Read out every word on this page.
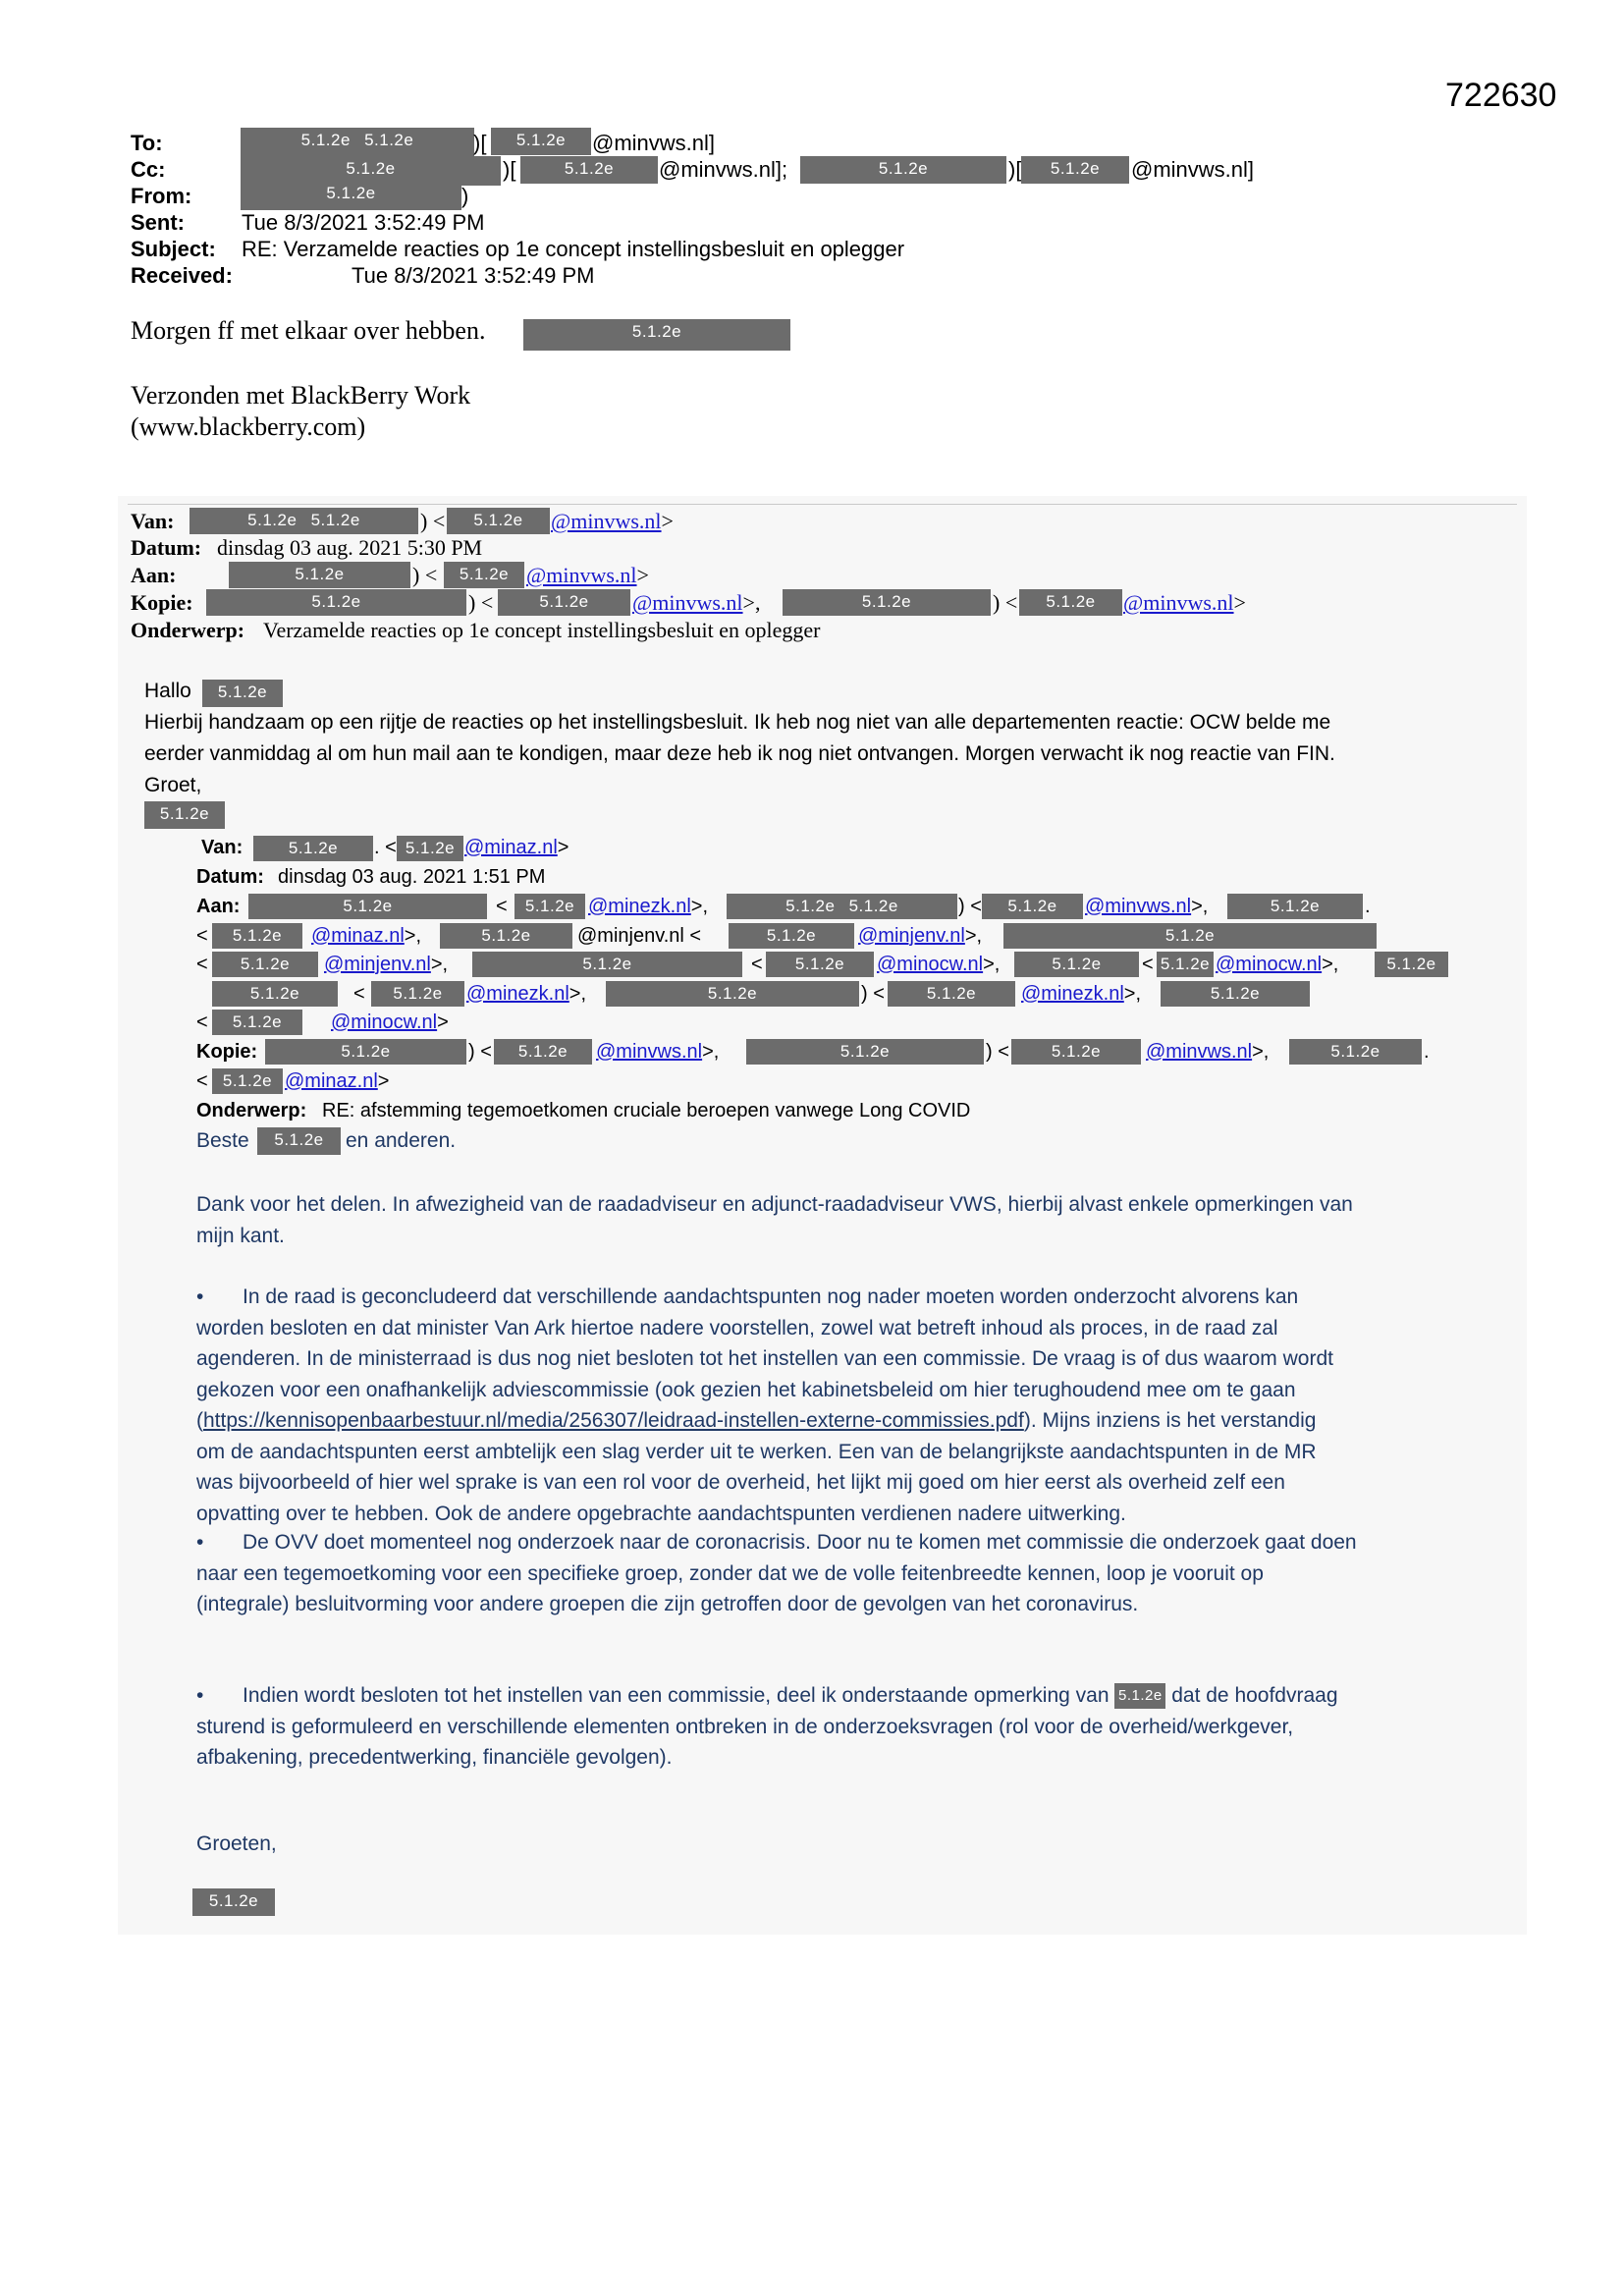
722630
To:	5.1.2e 5.1.2e	)[	5.1.2e	@minvws.nl]
Cc:	5.1.2e	)[	5.1.2e	@minvws.nl];	5.1.2e	)[	5.1.2e	@minvws.nl]
From:	5.1.2e	)
Sent:	Tue 8/3/2021 3:52:49 PM
Subject: RE: Verzamelde reacties op 1e concept instellingsbesluit en oplegger
Received:	Tue 8/3/2021 3:52:49 PM
Morgen ff met elkaar over hebben.	5.1.2e
Verzonden met BlackBerry Work
(www.blackberry.com)
Van:	5.1.2e 5.1.2e	) <	5.1.2e	@minvws.nl>
Datum: dinsdag 03 aug. 2021 5:30 PM
Aan:	5.1.2e	) <	5.1.2e @minvws.nl>
Kopie:	5.1.2e	) <	5.1.2e	@minvws.nl>,	5.1.2e	) <	5.1.2e	@minvws.nl>
Onderwerp: Verzamelde reacties op 1e concept instellingsbesluit en oplegger
Hallo	5.1.2e
Hierbij handzaam op een rijtje de reacties op het instellingsbesluit. Ik heb nog niet van alle departementen reactie: OCW belde me
eerder vanmiddag al om hun mail aan te kondigen, maar deze heb ik nog niet ontvangen. Morgen verwacht ik nog reactie van FIN.
Groet,
5.1.2e
Van:	5.1.2e	. < 5.1.2e @minaz.nl>
Datum: dinsdag 03 aug. 2021 1:51 PM
Aan:	5.1.2e	<	5.1.2e @minezk.nl>,	5.1.2e 5.1.2e	) <	5.1.2e	@minvws.nl>,	5.1.2e	.
<	5.1.2e	@minaz.nl>,	5.1.2e	@minjenv.nl <	5.1.2e	@minjenv.nl>,	5.1.2e
<	5.1.2e	@minjenv.nl>,	5.1.2e	<	5.1.2e	@minocw.nl>,	5.1.2e	< 5.1.2e @minocw.nl>,	5.1.2e
5.1.2e	<	5.1.2e	@minezk.nl>,	5.1.2e	) <	5.1.2e	@minezk.nl>,	5.1.2e
<	5.1.2e	@minocw.nl>
Kopie:	5.1.2e	) <	5.1.2e	@minvws.nl>,	5.1.2e	) <	5.1.2e	@minvws.nl>,	5.1.2e	.
< 5.1.2e @minaz.nl>
Onderwerp: RE: afstemming tegemoetkomen cruciale beroepen vanwege Long COVID
Beste	5.1.2e	en anderen.
Dank voor het delen. In afwezigheid van de raadadviseur en adjunct-raadadviseur VWS, hierbij alvast enkele opmerkingen van
mijn kant.
• In de raad is geconcludeerd dat verschillende aandachtspunten nog nader moeten worden onderzocht alvorens kan
worden besloten en dat minister Van Ark hiertoe nadere voorstellen, zowel wat betreft inhoud als proces, in de raad zal
agenderen. In de ministerraad is dus nog niet besloten tot het instellen van een commissie. De vraag is of dus waarom wordt
gekozen voor een onafhankelijk adviescommissie (ook gezien het kabinetsbeleid om hier terughoudend mee om te gaan
(https://kennisopenbaarbestuur.nl/media/256307/leidraad-instellen-externe-commissies.pdf). Mijns inziens is het verstandig
om de aandachtspunten eerst ambtelijk een slag verder uit te werken. Een van de belangrijkste aandachtspunten in de MR
was bijvoorbeeld of hier wel sprake is van een rol voor de overheid, het lijkt mij goed om hier eerst als overheid zelf een
opvatting over te hebben. Ook de andere opgebrachte aandachtspunten verdienen nadere uitwerking.
• De OVV doet momenteel nog onderzoek naar de coronacrisis. Door nu te komen met commissie die onderzoek gaat doen
naar een tegemoetkoming voor een specifieke groep, zonder dat we de volle feitenbreedte kennen, loop je vooruit op
(integrale) besluitvorming voor andere groepen die zijn getroffen door de gevolgen van het coronavirus.
• Indien wordt besloten tot het instellen van een commissie, deel ik onderstaande opmerking van 5.1.2e dat de hoofdvraag
sturend is geformuleerd en verschillende elementen ontbreken in de onderzoeksvragen (rol voor de overheid/werkgever,
afbakening, precedentwerking, financiële gevolgen).
Groeten,
5.1.2e
